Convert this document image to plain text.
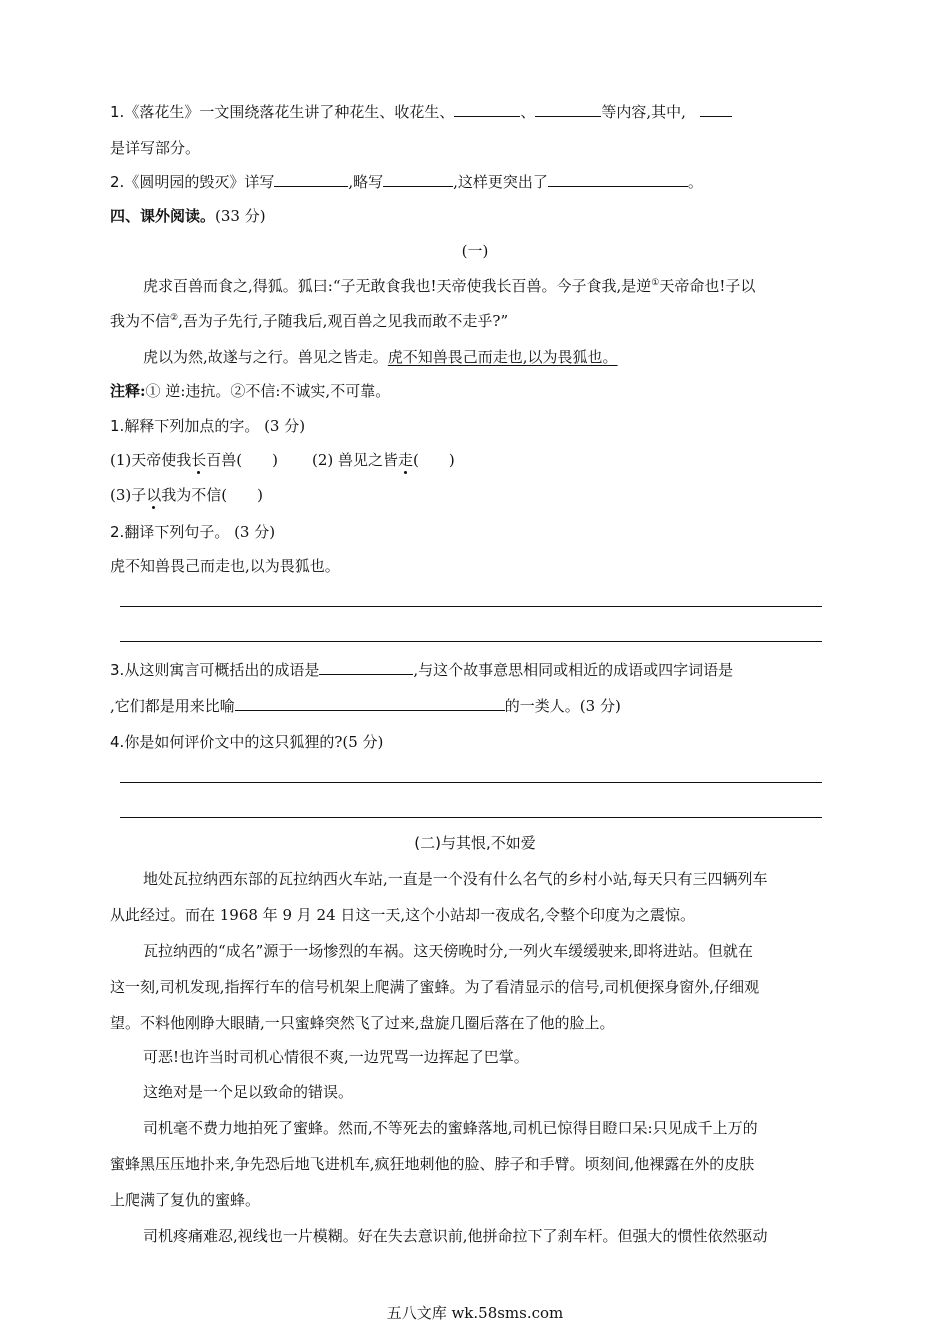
1.《落花生》一文围绕落花生讲了种花生、收花生、	、	等内容,其中,
是详写部分。
2.《圆明园的毁灭》详写	,略写	,这样更突出了	。
四、课外阅读。(33 分)
(一)
虎求百兽而食之,得狐。狐曰:“子无敢食我也!天帝使我长百兽。今子食我,是逆①天帝命也!子以
我为不信②,吾为子先行,子随我后,观百兽之见我而敢不走乎?”
虎以为然,故遂与之行。兽见之皆走。虎不知兽畏己而走也,以为畏狐也。
注释:① 逆:违抗。②不信:不诚实,不可靠。
1.解释下列加点的字。 (3 分)
(1)天帝使我长百兽( ) (2) 兽见之皆走( )
(3)子以我为不信( )
2.翻译下列句子。 (3 分)
虎不知兽畏己而走也,以为畏狐也。
3.从这则寓言可概括出的成语是	,与这个故事意思相同或相近的成语或四字词语是
,它们都是用来比喻	的一类人。(3 分)
4.你是如何评价文中的这只狐狸的?(5 分)
(二)与其恨,不如爱
地处瓦拉纳西东部的瓦拉纳西火车站,一直是一个没有什么名气的乡村小站,每天只有三四辆列车
从此经过。而在 1968 年 9 月 24 日这一天,这个小站却一夜成名,令整个印度为之震惊。
瓦拉纳西的“成名”源于一场惨烈的车祸。这天傍晚时分,一列火车缓缓驶来,即将进站。但就在
这一刻,司机发现,指挥行车的信号机架上爬满了蜜蜂。为了看清显示的信号,司机便探身窗外,仔细观
望。不料他刚睁大眼睛,一只蜜蜂突然飞了过来,盘旋几圈后落在了他的脸上。
可恶!也许当时司机心情很不爽,一边咒骂一边挥起了巴掌。
这绝对是一个足以致命的错误。
司机毫不费力地拍死了蜜蜂。然而,不等死去的蜜蜂落地,司机已惊得目瞪口呆:只见成千上万的
蜜蜂黑压压地扑来,争先恐后地飞进机车,疯狂地刺他的脸、脖子和手臂。顷刻间,他裸露在外的皮肤
上爬满了复仇的蜜蜂。
司机疼痛难忍,视线也一片模糊。好在失去意识前,他拼命拉下了刹车杆。但强大的惯性依然驱动
五八文库 wk.58sms.com
